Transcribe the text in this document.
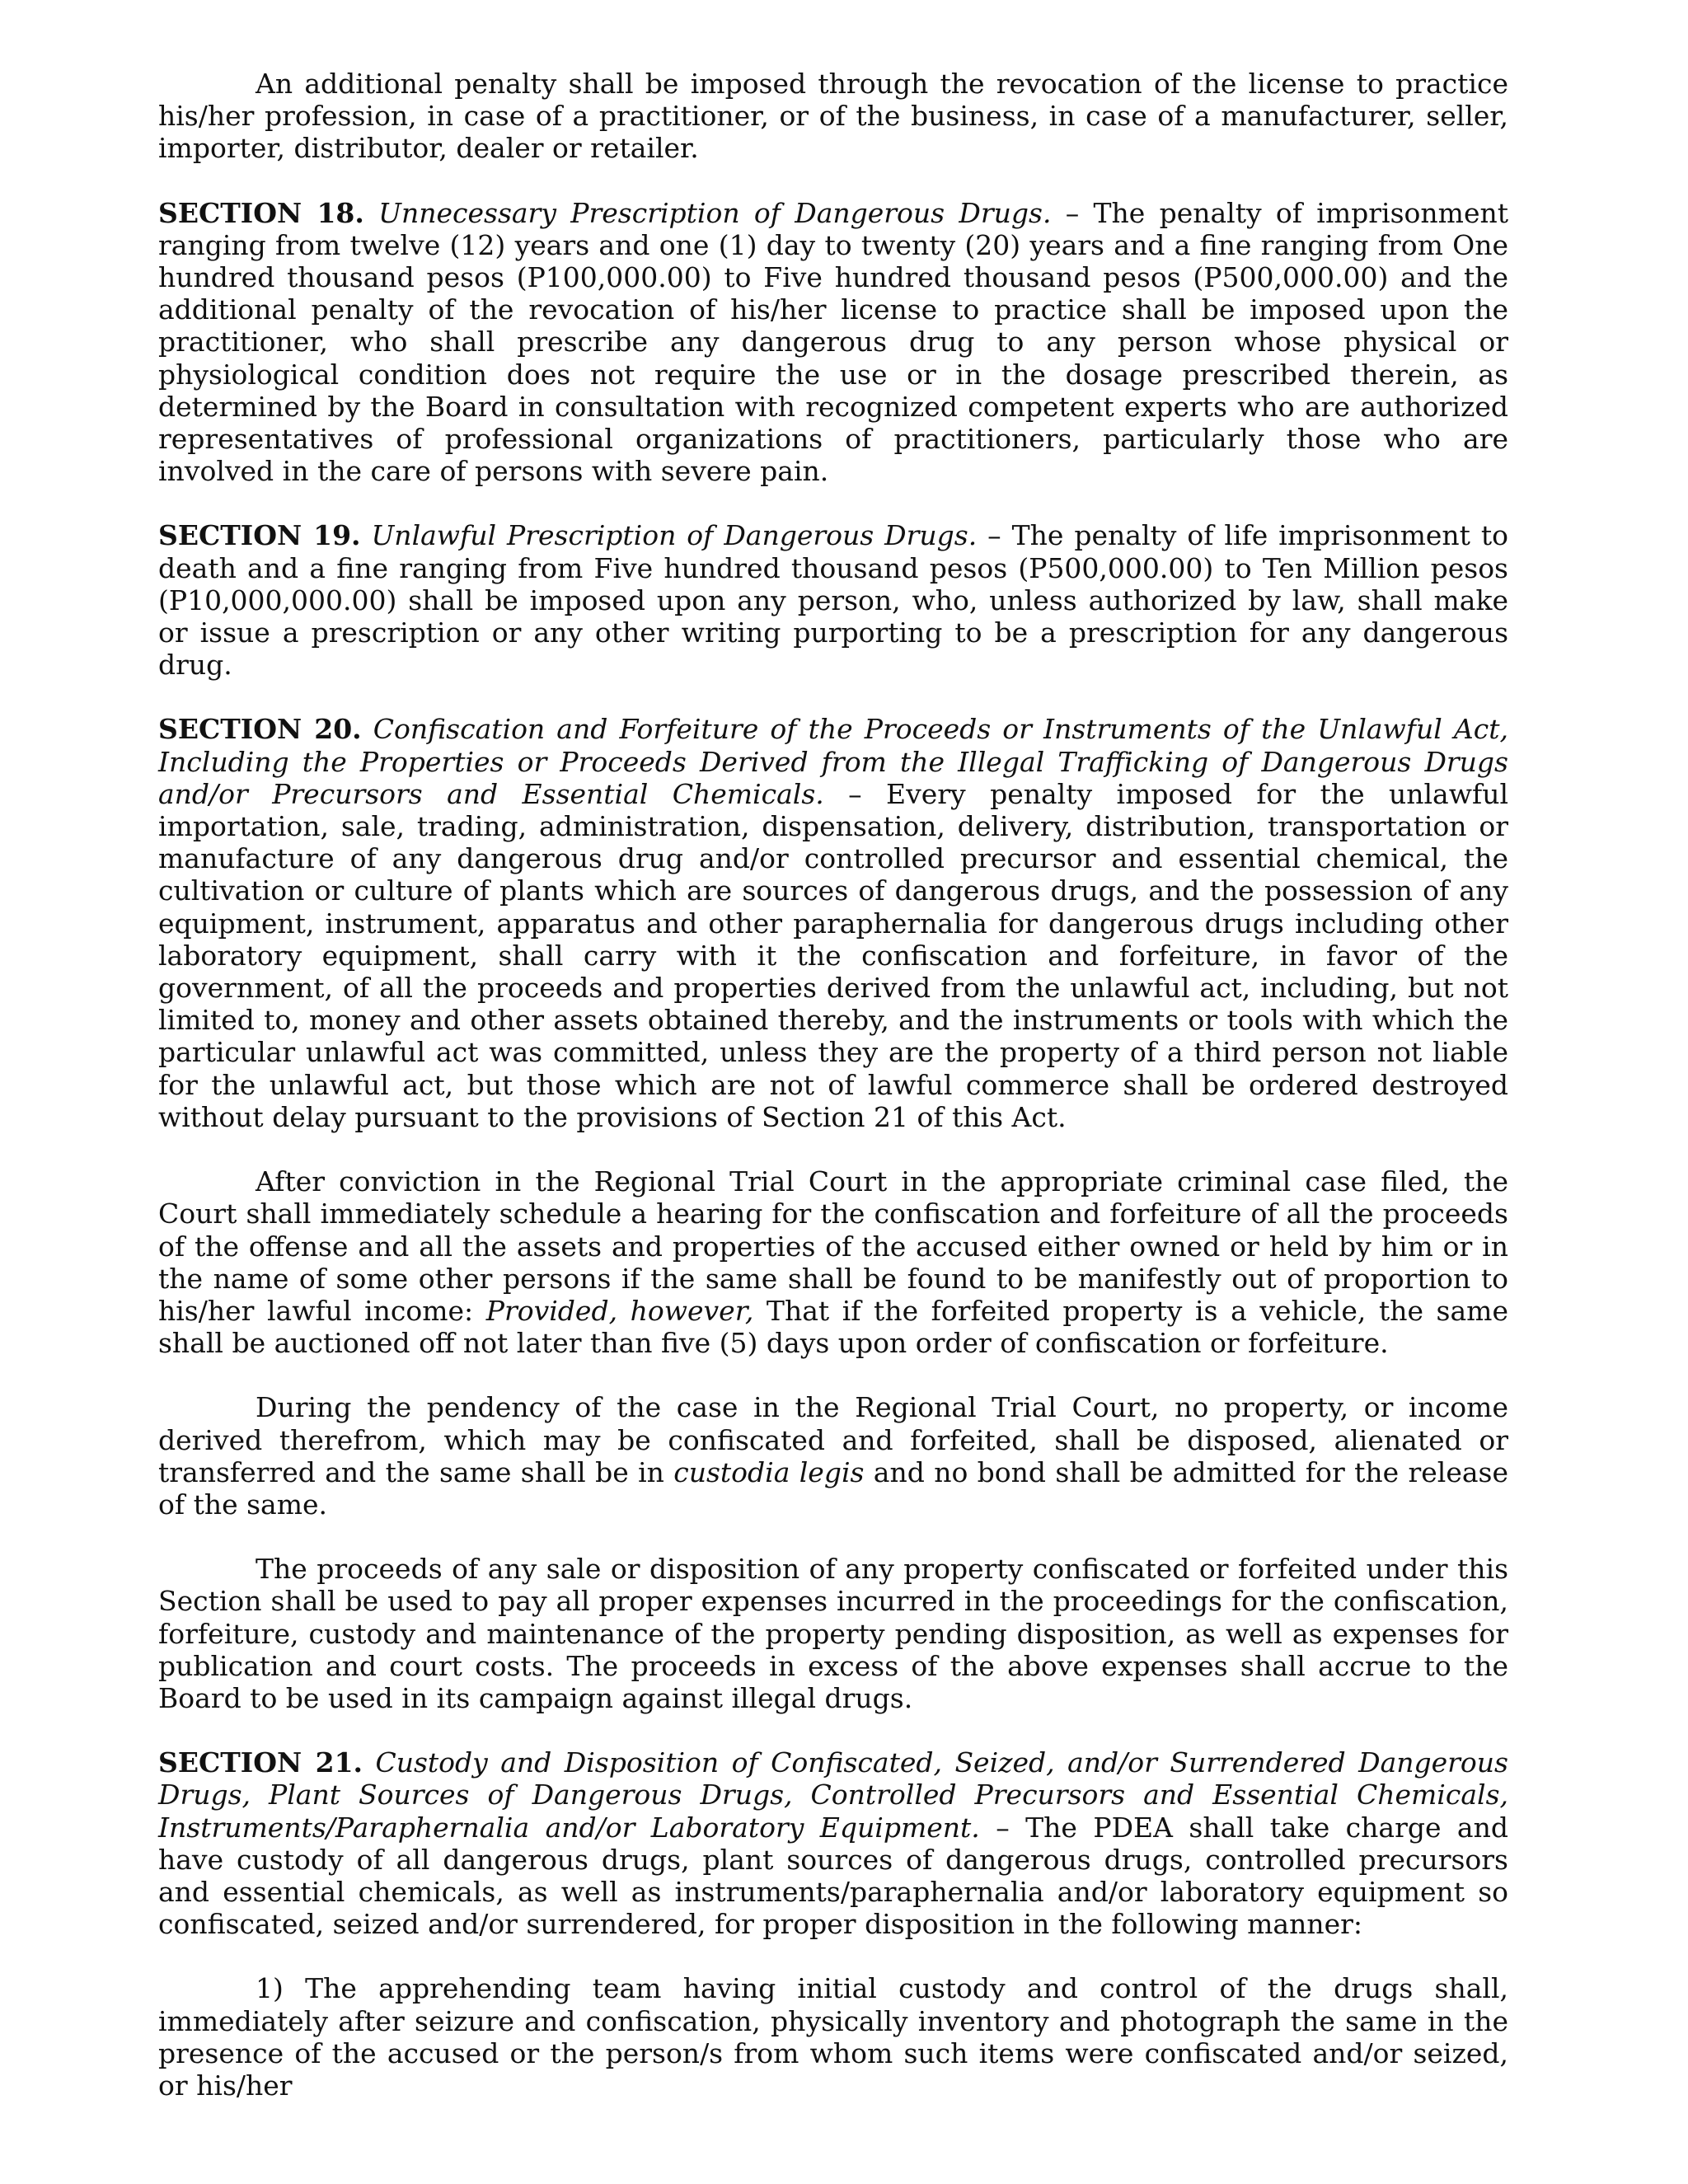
An additional penalty shall be imposed through the revocation of the license to practice his/her profession, in case of a practitioner, or of the business, in case of a manufacturer, seller, importer, distributor, dealer or retailer.

SECTION 18. Unnecessary Prescription of Dangerous Drugs. – The penalty of imprisonment ranging from twelve (12) years and one (1) day to twenty (20) years and a fine ranging from One hundred thousand pesos (P100,000.00) to Five hundred thousand pesos (P500,000.00) and the additional penalty of the revocation of his/her license to practice shall be imposed upon the practitioner, who shall prescribe any dangerous drug to any person whose physical or physiological condition does not require the use or in the dosage prescribed therein, as determined by the Board in consultation with recognized competent experts who are authorized representatives of professional organizations of practitioners, particularly those who are involved in the care of persons with severe pain.

SECTION 19. Unlawful Prescription of Dangerous Drugs. – The penalty of life imprisonment to death and a fine ranging from Five hundred thousand pesos (P500,000.00) to Ten Million pesos (P10,000,000.00) shall be imposed upon any person, who, unless authorized by law, shall make or issue a prescription or any other writing purporting to be a prescription for any dangerous drug.

SECTION 20. Confiscation and Forfeiture of the Proceeds or Instruments of the Unlawful Act, Including the Properties or Proceeds Derived from the Illegal Trafficking of Dangerous Drugs and/or Precursors and Essential Chemicals. – Every penalty imposed for the unlawful importation, sale, trading, administration, dispensation, delivery, distribution, transportation or manufacture of any dangerous drug and/or controlled precursor and essential chemical, the cultivation or culture of plants which are sources of dangerous drugs, and the possession of any equipment, instrument, apparatus and other paraphernalia for dangerous drugs including other laboratory equipment, shall carry with it the confiscation and forfeiture, in favor of the government, of all the proceeds and properties derived from the unlawful act, including, but not limited to, money and other assets obtained thereby, and the instruments or tools with which the particular unlawful act was committed, unless they are the property of a third person not liable for the unlawful act, but those which are not of lawful commerce shall be ordered destroyed without delay pursuant to the provisions of Section 21 of this Act.

After conviction in the Regional Trial Court in the appropriate criminal case filed, the Court shall immediately schedule a hearing for the confiscation and forfeiture of all the proceeds of the offense and all the assets and properties of the accused either owned or held by him or in the name of some other persons if the same shall be found to be manifestly out of proportion to his/her lawful income: Provided, however, That if the forfeited property is a vehicle, the same shall be auctioned off not later than five (5) days upon order of confiscation or forfeiture.

During the pendency of the case in the Regional Trial Court, no property, or income derived therefrom, which may be confiscated and forfeited, shall be disposed, alienated or transferred and the same shall be in custodia legis and no bond shall be admitted for the release of the same.

The proceeds of any sale or disposition of any property confiscated or forfeited under this Section shall be used to pay all proper expenses incurred in the proceedings for the confiscation, forfeiture, custody and maintenance of the property pending disposition, as well as expenses for publication and court costs. The proceeds in excess of the above expenses shall accrue to the Board to be used in its campaign against illegal drugs.

SECTION 21. Custody and Disposition of Confiscated, Seized, and/or Surrendered Dangerous Drugs, Plant Sources of Dangerous Drugs, Controlled Precursors and Essential Chemicals, Instruments/Paraphernalia and/or Laboratory Equipment. – The PDEA shall take charge and have custody of all dangerous drugs, plant sources of dangerous drugs, controlled precursors and essential chemicals, as well as instruments/paraphernalia and/or laboratory equipment so confiscated, seized and/or surrendered, for proper disposition in the following manner:

1) The apprehending team having initial custody and control of the drugs shall, immediately after seizure and confiscation, physically inventory and photograph the same in the presence of the accused or the person/s from whom such items were confiscated and/or seized, or his/her
